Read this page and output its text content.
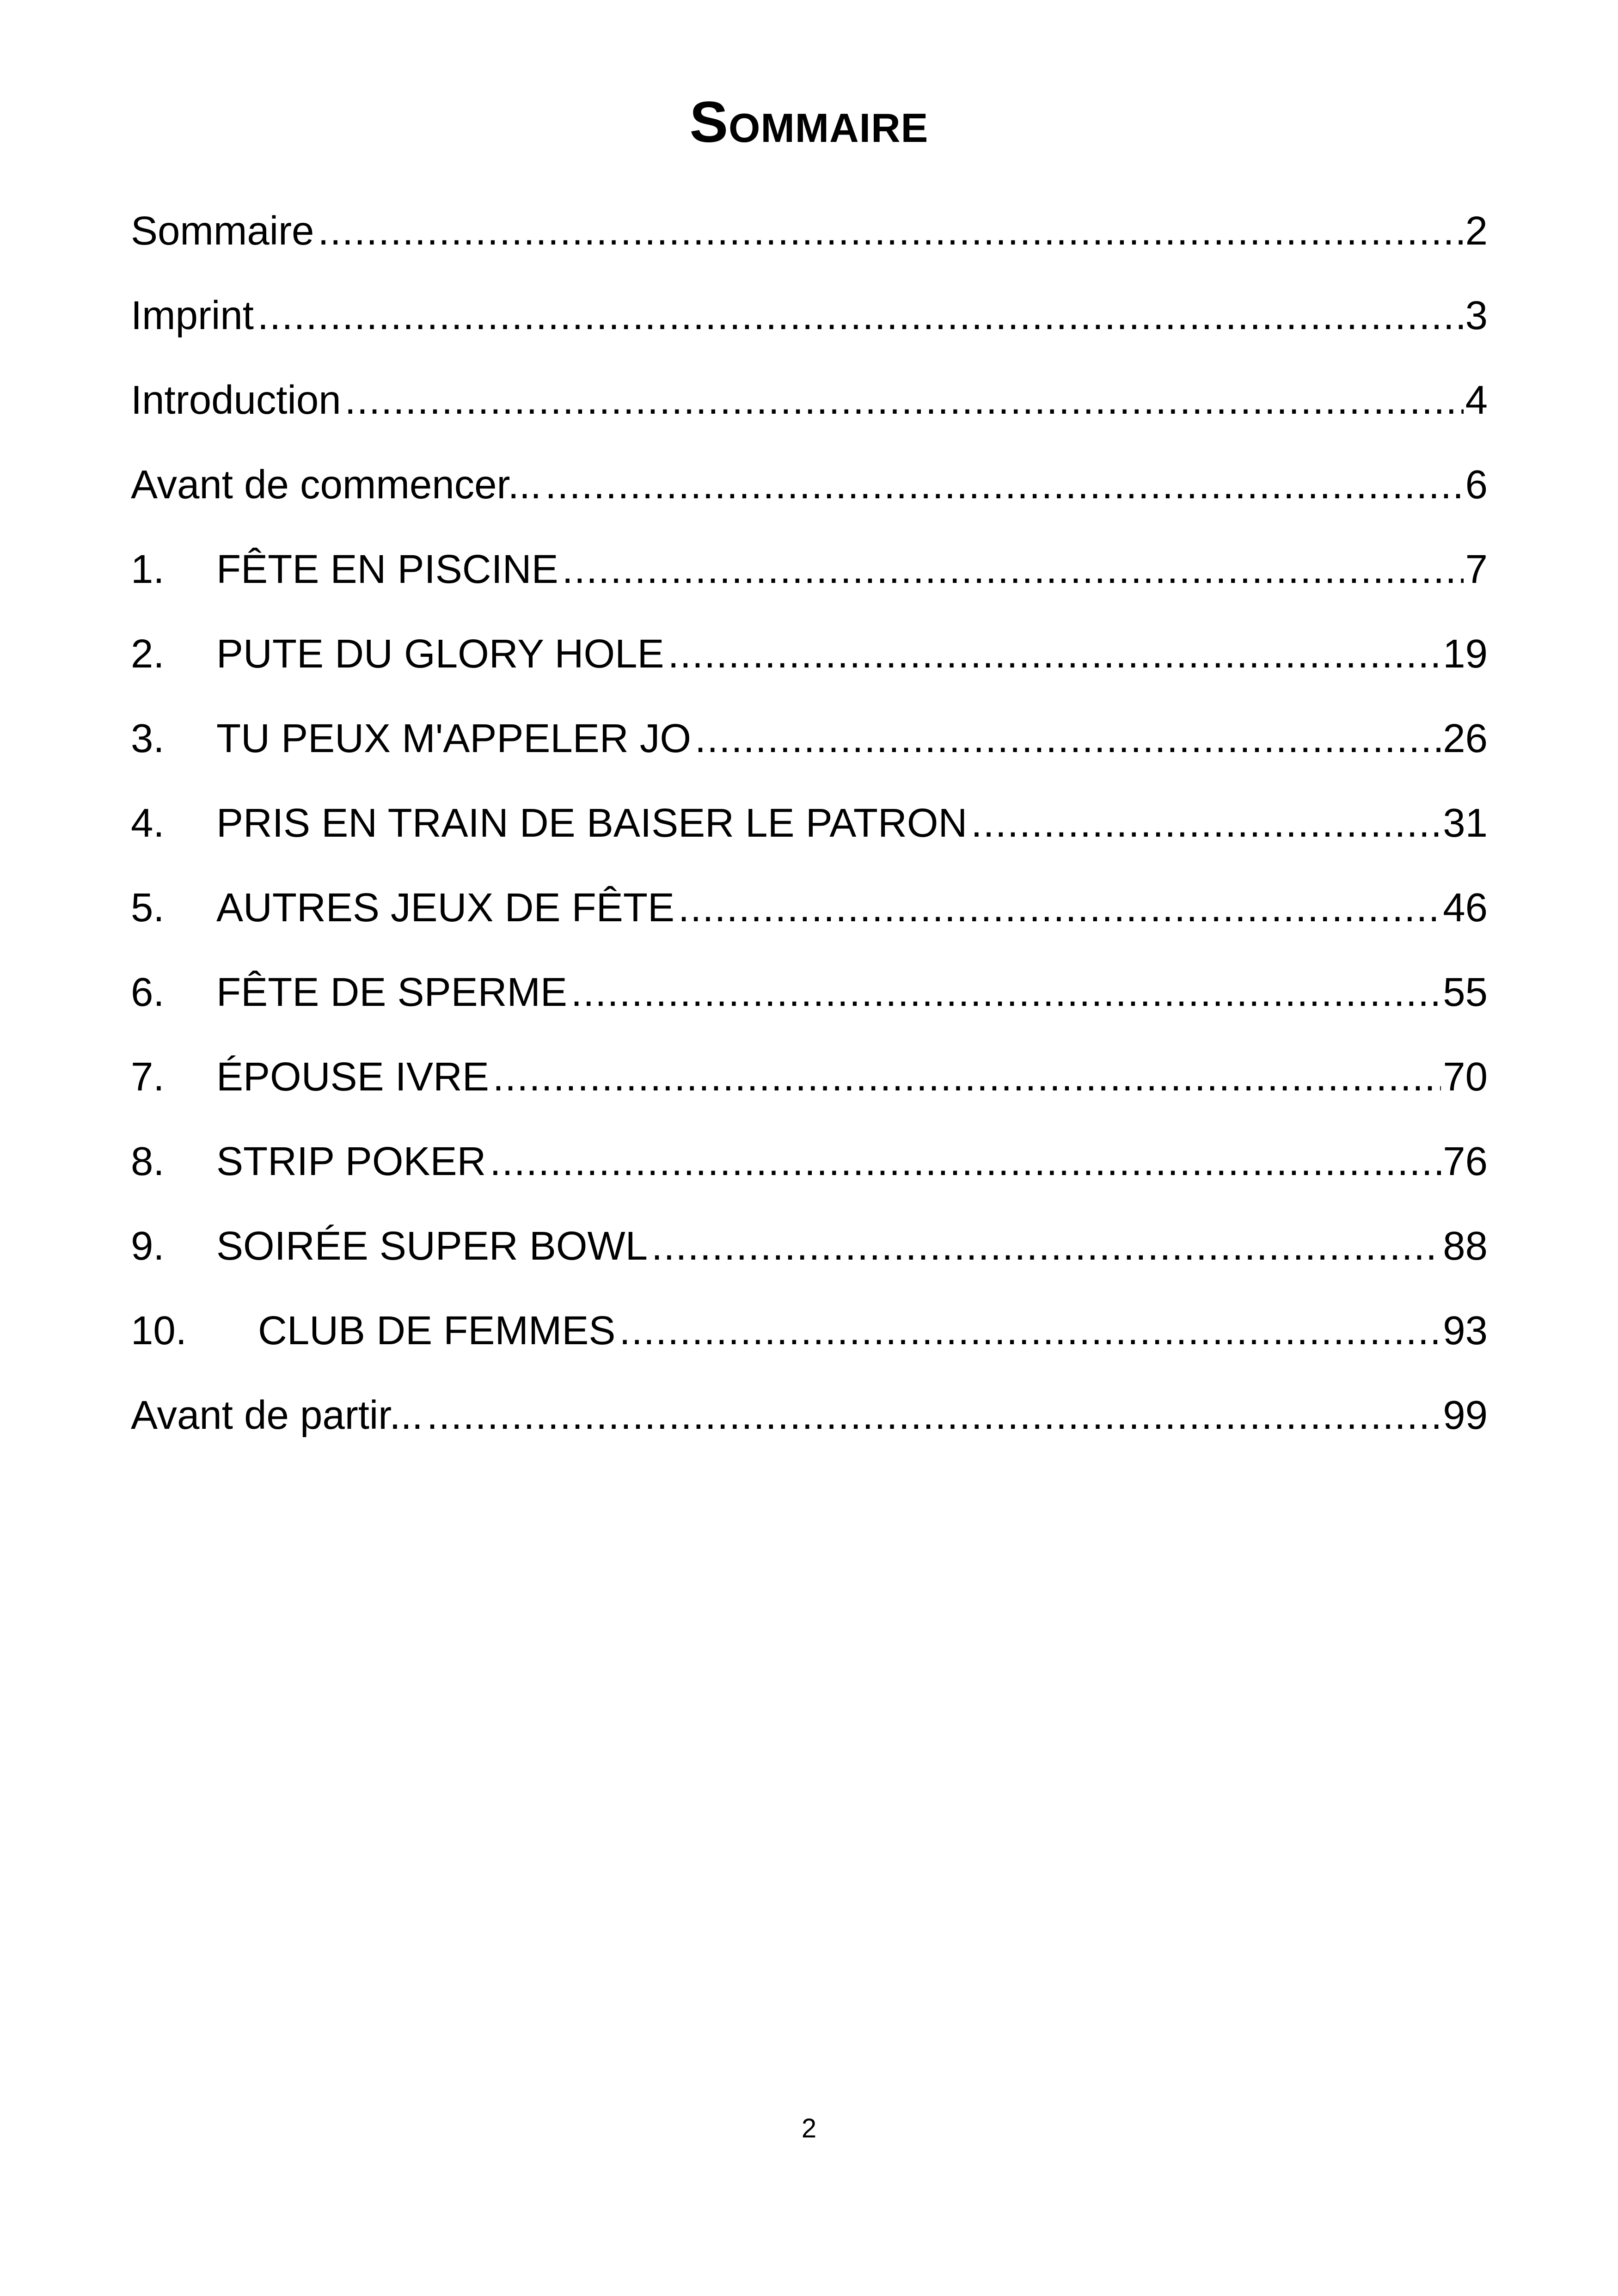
Sommaire
Sommaire .....	2
Imprint .....	3
Introduction .....	4
Avant de commencer... .....	6
1.	FÊTE EN PISCINE .....	7
2.	PUTE DU GLORY HOLE .....	19
3.	TU PEUX M'APPELER JO .....	26
4.	PRIS EN TRAIN DE BAISER LE PATRON .....	31
5.	AUTRES JEUX DE FÊTE .....	46
6.	FÊTE DE SPERME .....	55
7.	ÉPOUSE IVRE .....	70
8.	STRIP POKER .....	76
9.	SOIRÉE SUPER BOWL .....	88
10.	CLUB DE FEMMES .....	93
Avant de partir... .....	99
2
